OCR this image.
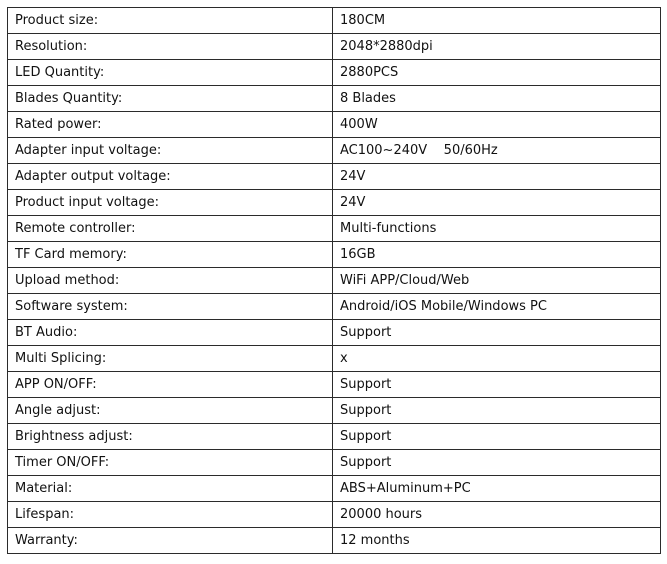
Product size:	180CM
Resolution:	2048*2880dpi
LED Quantity:	2880PCS
Blades Quantity:	8 Blades
Rated power:	400W
Adapter input voltage:	AC100~240V    50/60Hz
Adapter output voltage:	24V
Product input voltage:	24V
Remote controller:	Multi-functions
TF Card memory:	16GB
Upload method:	WiFi APP/Cloud/Web
Software system:	Android/iOS Mobile/Windows PC
BT Audio:	Support
Multi Splicing:	x
APP ON/OFF:	Support
Angle adjust:	Support
Brightness adjust:	Support
Timer ON/OFF:	Support
Material:	ABS+Aluminum+PC
Lifespan:	20000 hours
Warranty:	12 months
